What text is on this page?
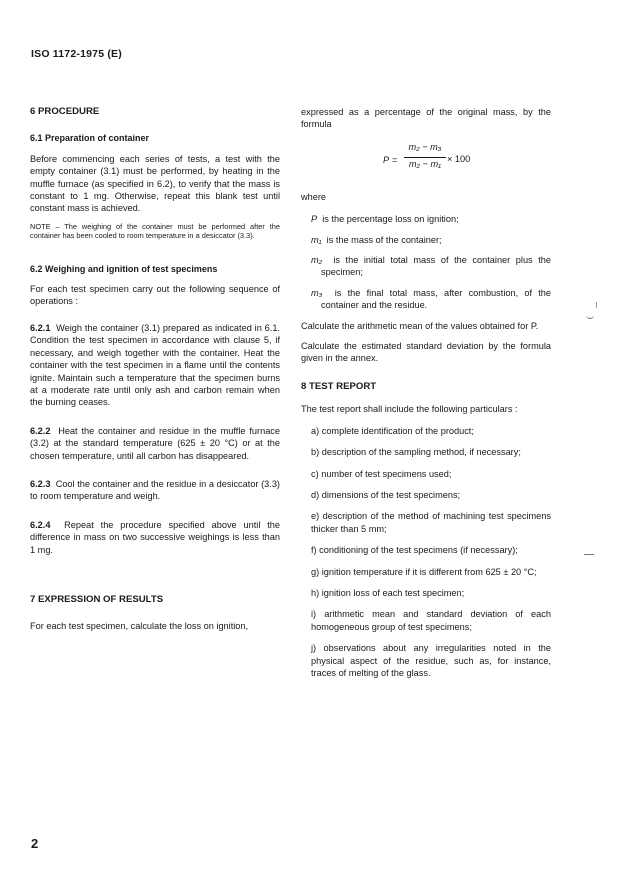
ISO 1172-1975 (E)
6 PROCEDURE
6.1 Preparation of container

Before commencing each series of tests, a test with the empty container (3.1) must be performed, by heating in the muffle furnace (as specified in 6.2), to verify that the mass is constant to 1 mg. Otherwise, repeat this blank test until constant mass is achieved.

NOTE – The weighing of the container must be performed after the container has been cooled to room temperature in a desiccator (3.3).

6.2 Weighing and ignition of test specimens

For each test specimen carry out the following sequence of operations :

6.2.1 Weigh the container (3.1) prepared as indicated in 6.1. Condition the test specimen in accordance with clause 5, if necessary, and weigh together with the container. Heat the container with the test specimen in a flame until the contents ignite. Maintain such a temperature that the specimen burns at a moderate rate until only ash and carbon remain when the burning ceases.

6.2.2 Heat the container and residue in the muffle furnace (3.2) at the standard temperature (625 ± 20 °C) or at the chosen temperature, until all carbon has disappeared.

6.2.3 Cool the container and the residue in a desiccator (3.3) to room temperature and weigh.

6.2.4 Repeat the procedure specified above until the difference in mass on two successive weighings is less than 1 mg.

7 EXPRESSION OF RESULTS

For each test specimen, calculate the loss on ignition,

expressed as a percentage of the original mass, by the formula

P =
m₂ − m₃
m₂ − m₁ × 100

where

P is the percentage loss on ignition;

m₁ is the mass of the container;

m₂ is the initial total mass of the container plus the specimen;

m₃ is the final total mass, after combustion, of the container and the residue.

Calculate the arithmetic mean of the values obtained for P.

Calculate the estimated standard deviation by the formula given in the annex.

8 TEST REPORT

The test report shall include the following particulars :

a) complete identification of the product;

b) description of the sampling method, if necessary;

c) number of test specimens used;

d) dimensions of the test specimens;

e) description of the method of machining test specimens thicker than 5 mm;

f) conditioning of the test specimens (if necessary);

g) ignition temperature if it is different from 625 ± 20 °C;

h) ignition loss of each test specimen;

i) arithmetic mean and standard deviation of each homogeneous group of test specimens;

j) observations about any irregularities noted in the physical aspect of the residue, such as, for instance, traces of melting of the glass.

2
